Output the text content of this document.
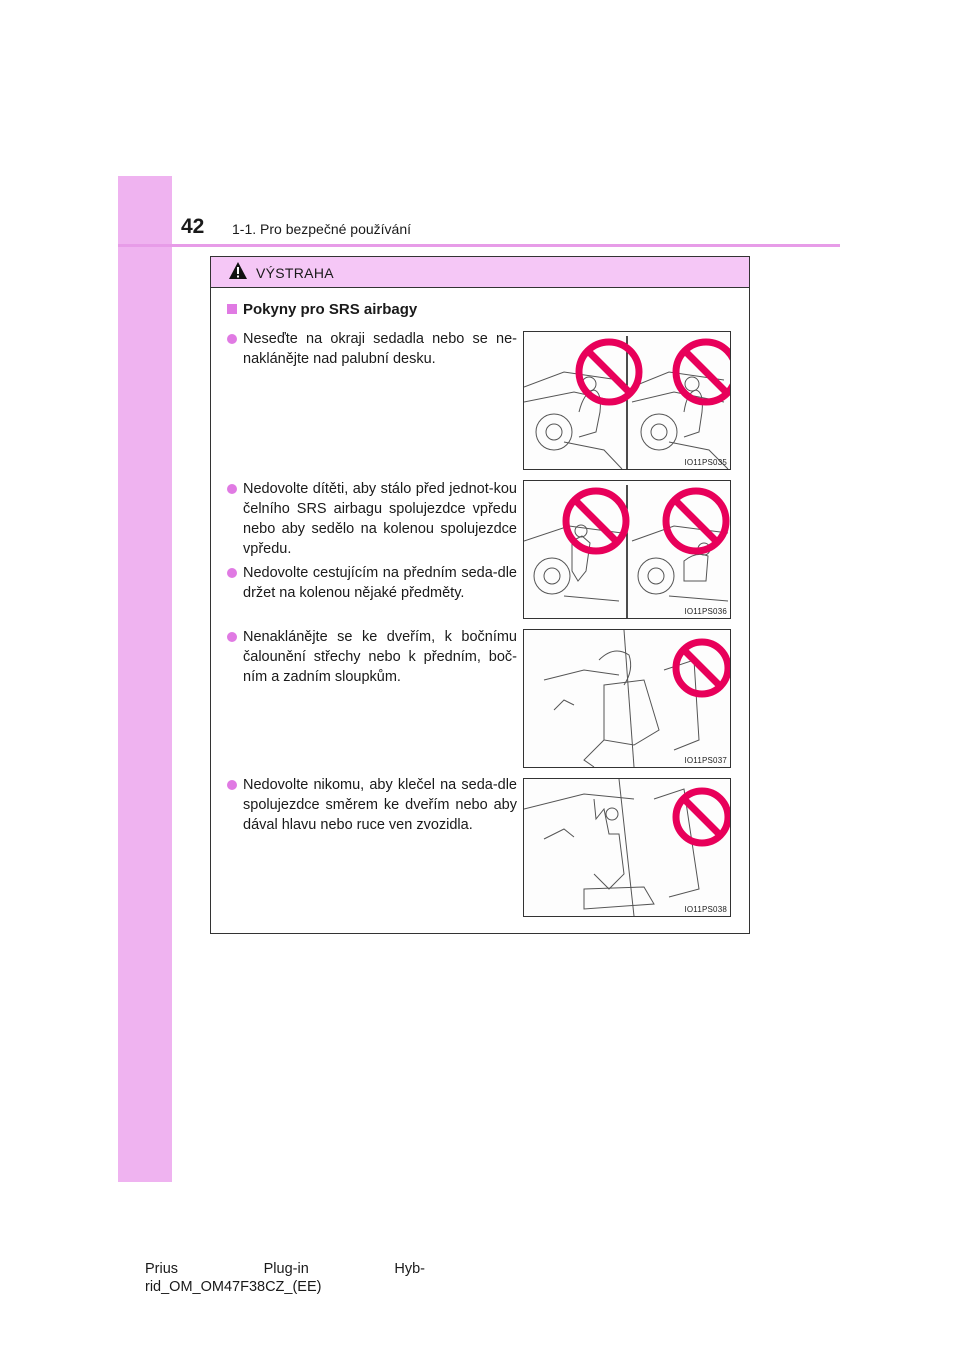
42 1-1. Pro bezpečné používání
VÝSTRAHA
Pokyny pro SRS airbagy
Neseďte na okraji sedadla nebo se ne-naklánějte nad palubní desku.
IO11PS035
Nedovolte dítěti, aby stálo před jednot-kou čelního SRS airbagu spolujezdce vpředu nebo aby sedělo na kolenou spolujezdce vpředu.
Nedovolte cestujícím na předním seda-dle držet na kolenou nějaké předměty.
IO11PS036
Nenaklánějte se ke dveřím, k bočnímu čalounění střechy nebo k předním, boč-ním a zadním sloupkům.
IO11PS037
Nedovolte nikomu, aby klečel na seda-dle spolujezdce směrem ke dveřím nebo aby dával hlavu nebo ruce ven zvozidla.
IO11PS038
Prius	Plug-in	Hyb-
rid_OM_OM47F38CZ_(EE)
